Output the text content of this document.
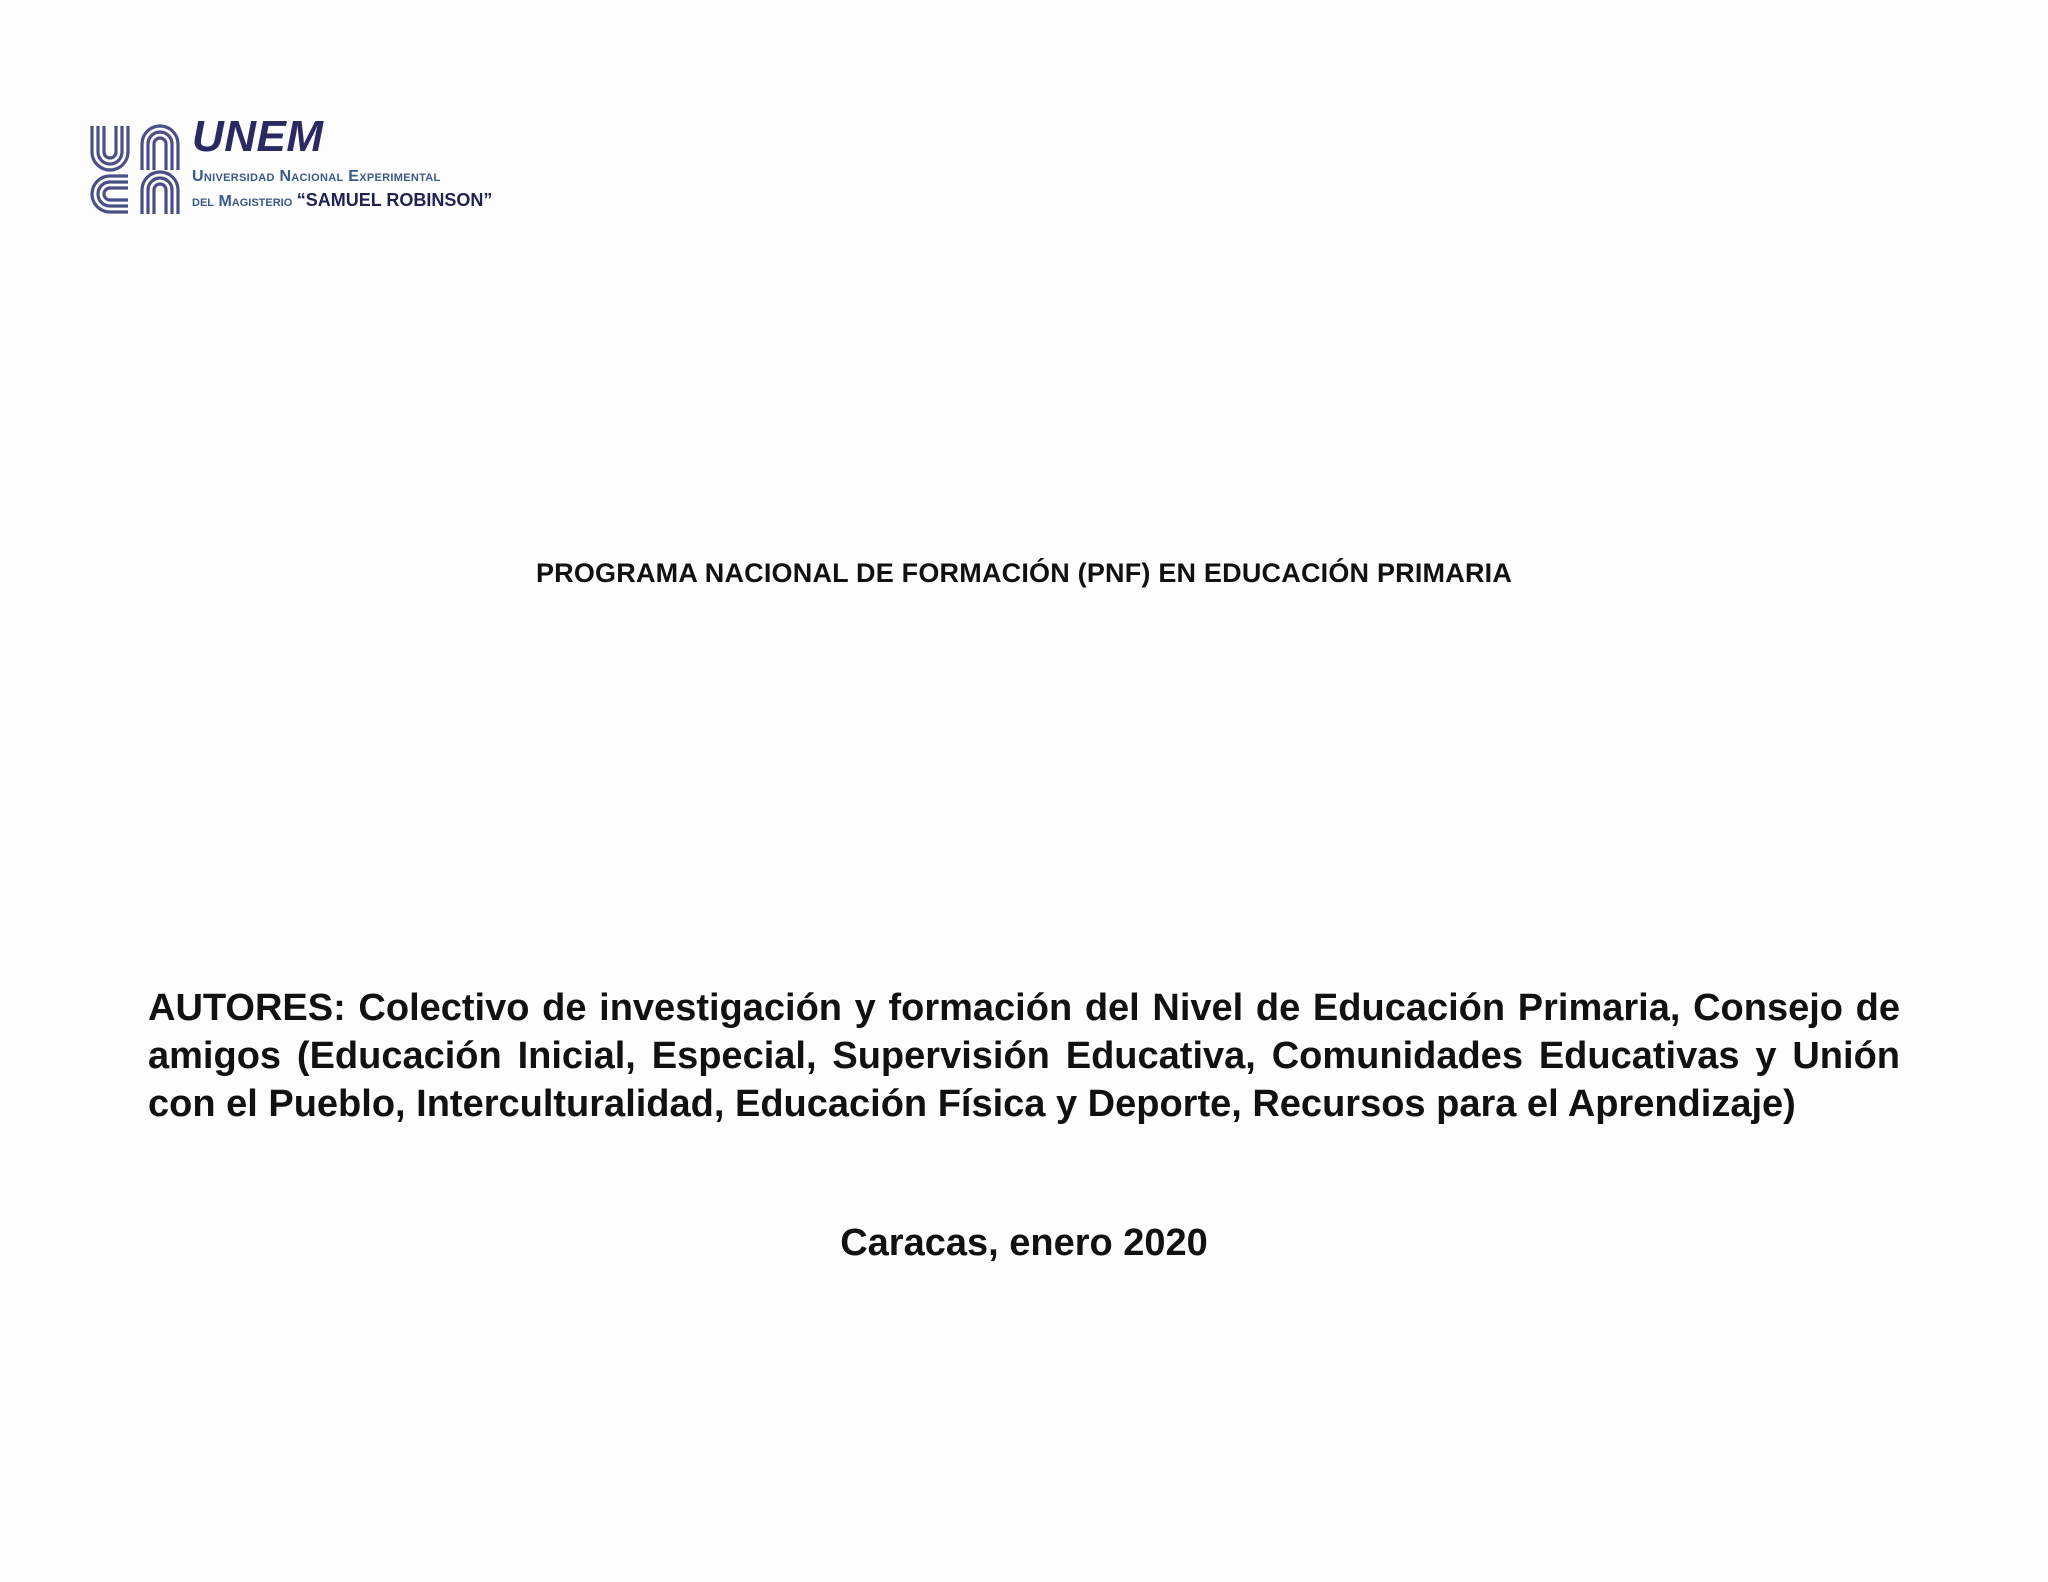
UNEM
Universidad Nacional Experimental
del Magisterio “SAMUEL ROBINSON”
PROGRAMA NACIONAL DE FORMACIÓN (PNF) EN EDUCACIÓN PRIMARIA
AUTORES: Colectivo de investigación y formación del Nivel de Educación Primaria, Consejo de amigos (Educación Inicial, Especial, Supervisión Educativa, Comunidades Educativas y Unión con el Pueblo, Interculturalidad, Educación Física y Deporte, Recursos para el Aprendizaje)
Caracas, enero 2020
